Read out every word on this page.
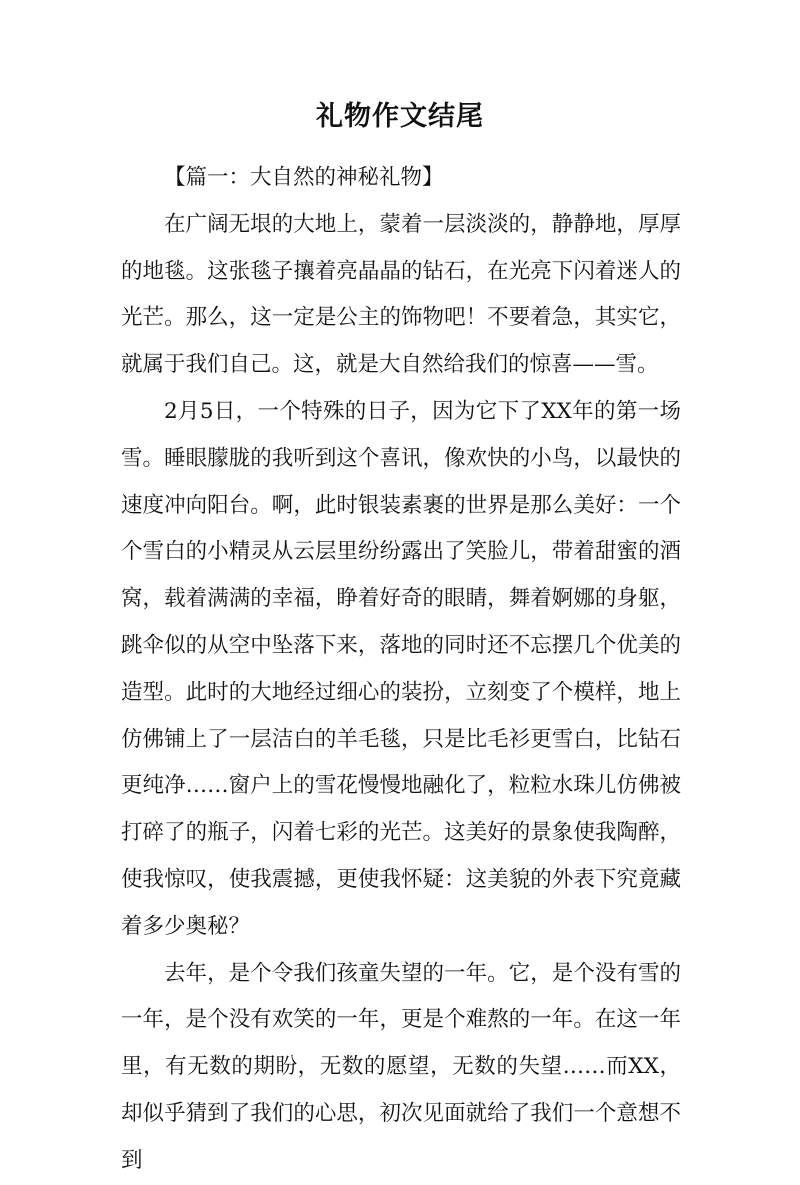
礼物作文结尾

【篇一：大自然的神秘礼物】

在广阔无垠的大地上，蒙着一层淡淡的，静静地，厚厚的地毯。这张毯子攘着亮晶晶的钻石，在光亮下闪着迷人的光芒。那么，这一定是公主的饰物吧！不要着急，其实它，就属于我们自己。这，就是大自然给我们的惊喜——雪。

2月5日，一个特殊的日子，因为它下了XX年的第一场雪。睡眼朦胧的我听到这个喜讯，像欢快的小鸟，以最快的速度冲向阳台。啊，此时银装素裹的世界是那么美好：一个个雪白的小精灵从云层里纷纷露出了笑脸儿，带着甜蜜的酒窝，载着满满的幸福，睁着好奇的眼睛，舞着婀娜的身躯，跳伞似的从空中坠落下来，落地的同时还不忘摆几个优美的造型。此时的大地经过细心的装扮，立刻变了个模样，地上仿佛铺上了一层洁白的羊毛毯，只是比毛衫更雪白，比钻石更纯净……窗户上的雪花慢慢地融化了，粒粒水珠儿仿佛被打碎了的瓶子，闪着七彩的光芒。这美好的景象使我陶醉，使我惊叹，使我震撼，更使我怀疑：这美貌的外表下究竟藏着多少奥秘？

去年，是个令我们孩童失望的一年。它，是个没有雪的一年，是个没有欢笑的一年，更是个难熬的一年。在这一年里，有无数的期盼，无数的愿望，无数的失望……而XX，却似乎猜到了我们的心思，初次见面就给了我们一个意想不到
